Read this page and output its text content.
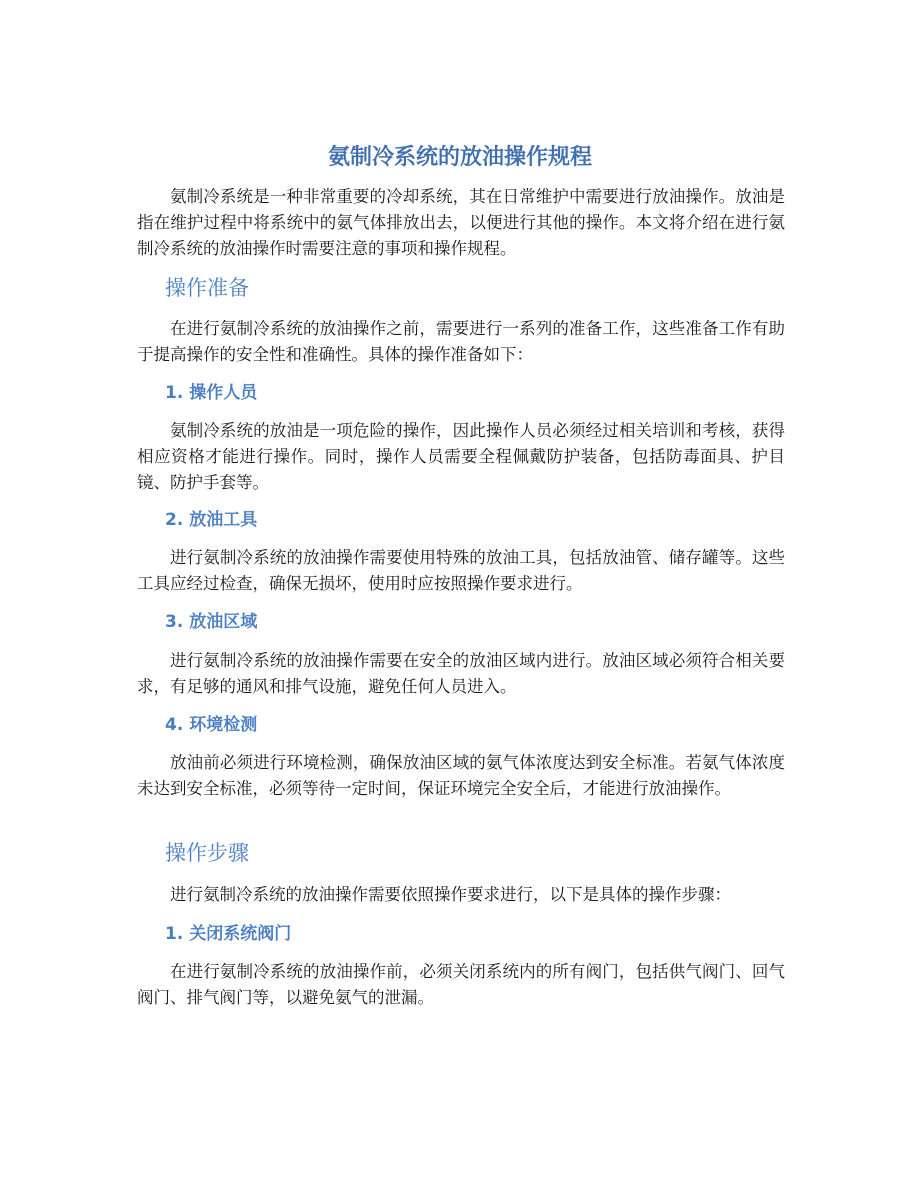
氨制冷系统的放油操作规程

氨制冷系统是一种非常重要的冷却系统，其在日常维护中需要进行放油操作。放油是指在维护过程中将系统中的氨气体排放出去，以便进行其他的操作。本文将介绍在进行氨制冷系统的放油操作时需要注意的事项和操作规程。

操作准备

在进行氨制冷系统的放油操作之前，需要进行一系列的准备工作，这些准备工作有助于提高操作的安全性和准确性。具体的操作准备如下：

1. 操作人员

氨制冷系统的放油是一项危险的操作，因此操作人员必须经过相关培训和考核，获得相应资格才能进行操作。同时，操作人员需要全程佩戴防护装备，包括防毒面具、护目镜、防护手套等。

2. 放油工具

进行氨制冷系统的放油操作需要使用特殊的放油工具，包括放油管、储存罐等。这些工具应经过检查，确保无损坏，使用时应按照操作要求进行。

3. 放油区域

进行氨制冷系统的放油操作需要在安全的放油区域内进行。放油区域必须符合相关要求，有足够的通风和排气设施，避免任何人员进入。

4. 环境检测

放油前必须进行环境检测，确保放油区域的氨气体浓度达到安全标准。若氨气体浓度未达到安全标准，必须等待一定时间，保证环境完全安全后，才能进行放油操作。

操作步骤

进行氨制冷系统的放油操作需要依照操作要求进行，以下是具体的操作步骤：

1. 关闭系统阀门

在进行氨制冷系统的放油操作前，必须关闭系统内的所有阀门，包括供气阀门、回气阀门、排气阀门等，以避免氨气的泄漏。
